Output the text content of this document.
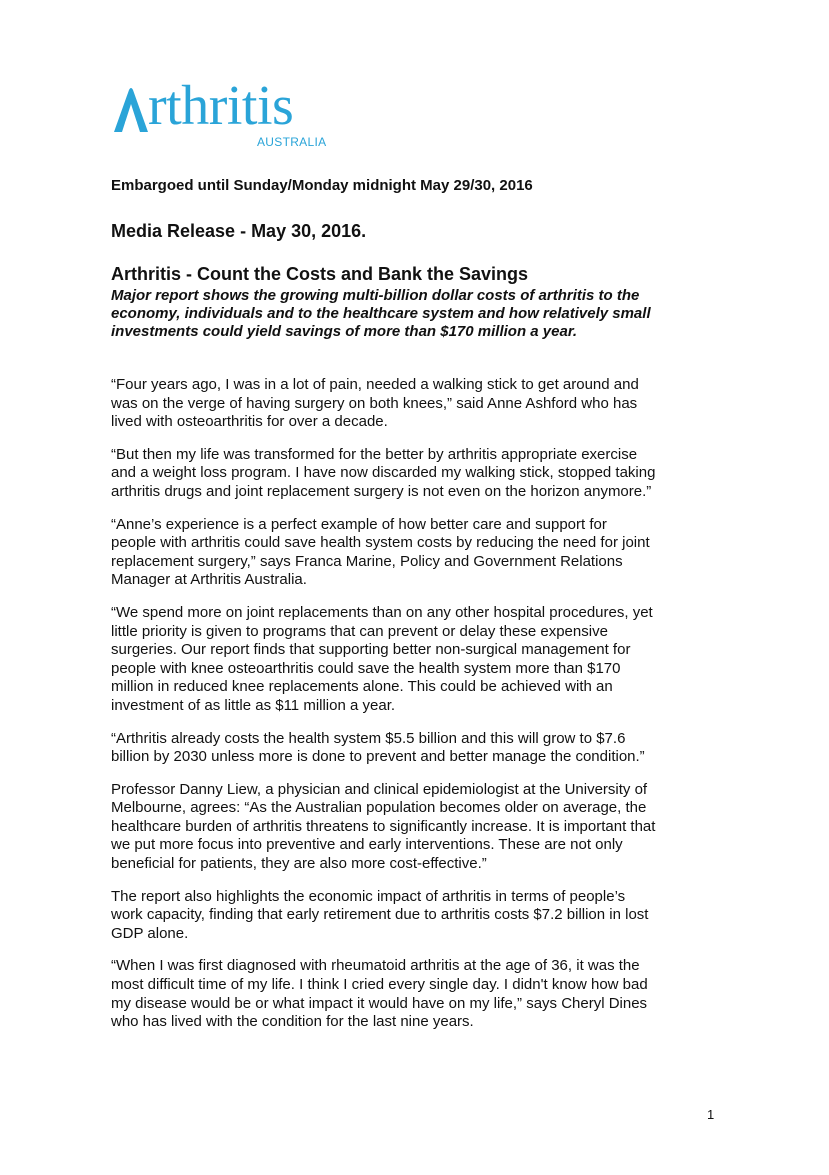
rthritis
AUSTRALIA
Embargoed until Sunday/Monday midnight May 29/30, 2016
Media Release - May 30, 2016.
Arthritis - Count the Costs and Bank the Savings
Major report shows the growing multi-billion dollar costs of arthritis to the
economy, individuals and to the healthcare system and how relatively small
investments could yield savings of more than $170 million a year.
“Four years ago, I was in a lot of pain, needed a walking stick to get around and
was on the verge of having surgery on both knees,” said Anne Ashford who has
lived with osteoarthritis for over a decade.
“But then my life was transformed for the better by arthritis appropriate exercise
and a weight loss program. I have now discarded my walking stick, stopped taking
arthritis drugs and joint replacement surgery is not even on the horizon anymore.”
“Anne’s experience is a perfect example of how better care and support for
people with arthritis could save health system costs by reducing the need for joint
replacement surgery,” says Franca Marine, Policy and Government Relations
Manager at Arthritis Australia.
“We spend more on joint replacements than on any other hospital procedures, yet
little priority is given to programs that can prevent or delay these expensive
surgeries. Our report finds that supporting better non-surgical management for
people with knee osteoarthritis could save the health system more than $170
million in reduced knee replacements alone. This could be achieved with an
investment of as little as $11 million a year.
“Arthritis already costs the health system $5.5 billion and this will grow to $7.6
billion by 2030 unless more is done to prevent and better manage the condition.”
Professor Danny Liew, a physician and clinical epidemiologist at the University of
Melbourne, agrees: “As the Australian population becomes older on average, the
healthcare burden of arthritis threatens to significantly increase. It is important that
we put more focus into preventive and early interventions. These are not only
beneficial for patients, they are also more cost-effective.”
The report also highlights the economic impact of arthritis in terms of people’s
work capacity, finding that early retirement due to arthritis costs $7.2 billion in lost
GDP alone.
“When I was first diagnosed with rheumatoid arthritis at the age of 36, it was the
most difficult time of my life. I think I cried every single day. I didn't know how bad
my disease would be or what impact it would have on my life,” says Cheryl Dines
who has lived with the condition for the last nine years.
1
